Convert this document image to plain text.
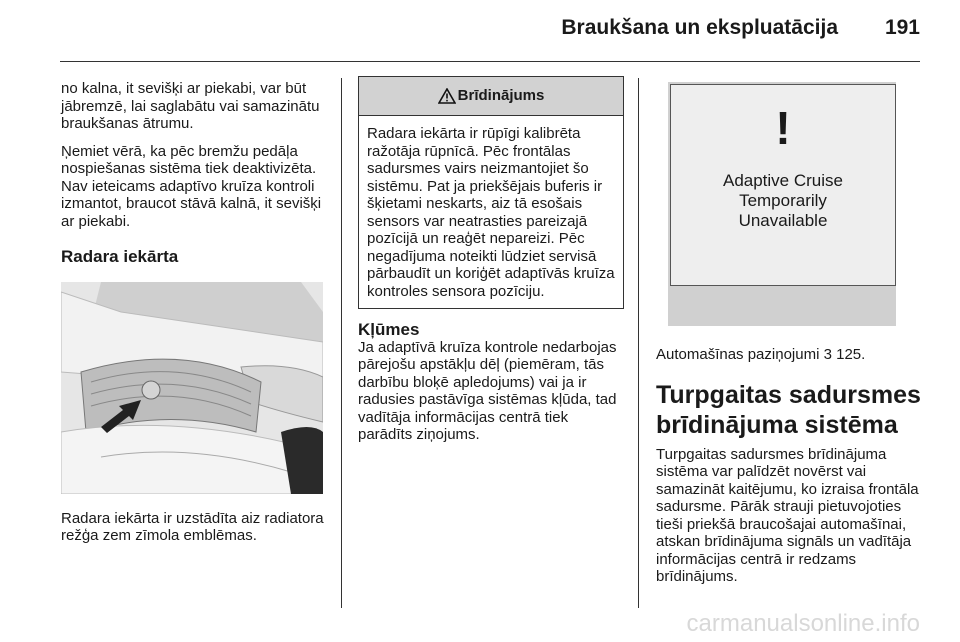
Braukšana un ekspluatācija 191

no kalna, it sevišķi ar piekabi, var būt jābremzē, lai saglabātu vai samazinātu braukšanas ātrumu.

Ņemiet vērā, ka pēc bremžu pedāļa nospiešanas sistēma tiek deaktivizēta. Nav ieteicams adaptīvo kruīza kontroli izmantot, braucot stāvā kalnā, it sevišķi ar piekabi.

Radara iekārta

Radara iekārta ir uzstādīta aiz radiatora režģa zem zīmola emblēmas.

Brīdinājums

Radara iekārta ir rūpīgi kalibrēta ražotāja rūpnīcā. Pēc frontālas sadursmes vairs neizmantojiet šo sistēmu. Pat ja priekšējais buferis ir šķietami neskarts, aiz tā esošais sensors var neatrasties pareizajā pozīcijā un reaģēt nepareizi. Pēc negadījuma noteikti lūdziet servisā pārbaudīt un koriģēt adaptīvās kruīza kontroles sensora pozīciju.

Kļūmes

Ja adaptīvā kruīza kontrole nedarbojas pārejošu apstākļu dēļ (piemēram, tās darbību bloķē apledojums) vai ja ir radusies pastāvīga sistēmas kļūda, tad vadītāja informācijas centrā tiek parādīts ziņojums.

!
Adaptive Cruise
Temporarily
Unavailable

Automašīnas paziņojumi 3 125.

Turpgaitas sadursmes

brīdinājuma sistēma

Turpgaitas sadursmes brīdinājuma sistēma var palīdzēt novērst vai samazināt kaitējumu, ko izraisa frontāla sadursme. Pārāk strauji pietuvojoties tieši priekšā braucošajai automašīnai, atskan brīdinājuma signāls un vadītāja informācijas centrā ir redzams brīdinājums.

carmanualsonline.info
